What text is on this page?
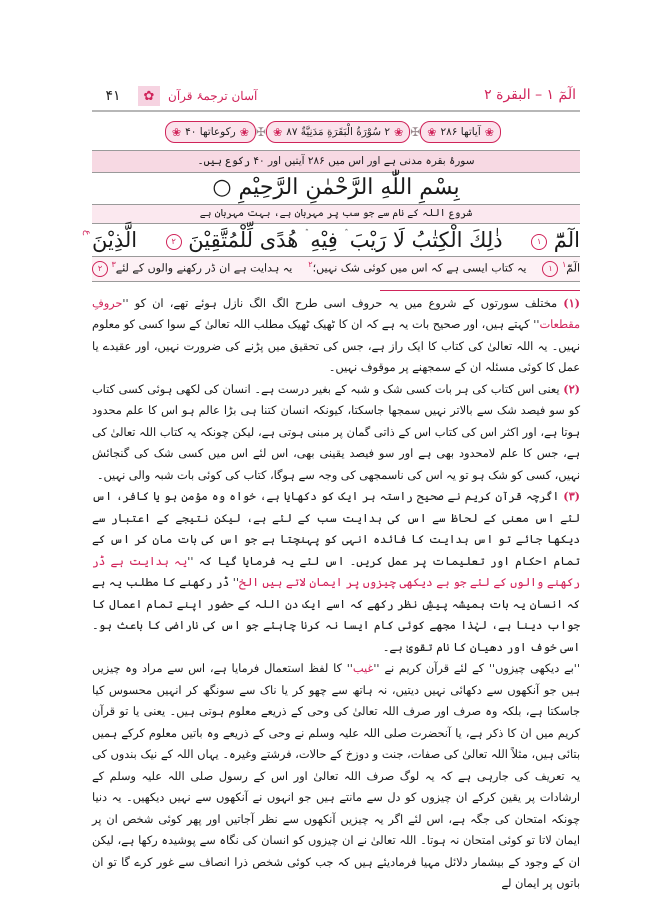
۴۱	✿	آسان ترجمۂ قرآن	الٓمٓ ۱ – البقرة ۲
❀
آیاتها ۲۸۶
❀
✠
❀
۲ سُوْرَةُ الْبَقَرَةِ مَدَنِيَّةٌ ۸۷
❀
✠
❀
رکوعاتها ۴۰
❀
سورۂ بقرہ مدنی ہے اور اس میں ۲۸۶ آیتیں اور ۴۰ رکوع ہیں۔
بِسْمِ اللّٰهِ الرَّحْمٰنِ الرَّحِيْمِ ○
شروع اللہ کے نام سے جو سب پر مہربان ہے، بہت مہربان ہے
الٓمّٓ ۱
ذٰلِكَ الْكِتٰبُ لَا رَيْبَ ۛ فِيْهِ ۛ هُدًى لِّلْمُتَّقِيْنَ ۲
الَّذِيْنَ
ع
الٓمّٓ$^۱$ ۱
یہ کتاب ایسی ہے کہ اس میں کوئی شک نہیں؛$^۲$
یہ ہدایت ہے ان ڈر رکھنے والوں کے لئے$^۳$ ۲

(۱) مختلف سورتوں کے شروع میں یہ حروف اسی طرح الگ الگ نازل ہوئے تھے، ان کو ''حروفِ مقطعات'' کہتے ہیں، اور صحیح بات یہ ہے کہ ان کا ٹھیک ٹھیک مطلب اللہ تعالیٰ کے سوا کسی کو معلوم نہیں۔ یہ اللہ تعالیٰ کی کتاب کا ایک راز ہے، جس کی تحقیق میں پڑنے کی ضرورت نہیں، اور عقیدے یا عمل کا کوئی مسئلہ ان کے سمجھنے پر موقوف نہیں۔

(۲) یعنی اس کتاب کی ہر بات کسی شک و شبہ کے بغیر درست ہے۔ انسان کی لکھی ہوئی کسی کتاب کو سو فیصد شک سے بالاتر نہیں سمجھا جاسکتا، کیونکہ انسان کتنا ہی بڑا عالم ہو اس کا علم محدود ہوتا ہے، اور اکثر اس کی کتاب اس کے ذاتی گمان پر مبنی ہوتی ہے، لیکن چونکہ یہ کتاب اللہ تعالیٰ کی ہے، جس کا علم لامحدود بھی ہے اور سو فیصد یقینی بھی، اس لئے اس میں کسی شک کی گنجائش نہیں، کسی کو شک ہو تو یہ اس کی ناسمجھی کی وجہ سے ہوگا، کتاب کی کوئی بات شبہ والی نہیں۔

(۳) اگرچہ قرآن کریم نے صحیح راستہ ہر ایک کو دکھایا ہے، خواہ وہ مؤمن ہو یا کافر، اس لئے اس معنی کے لحاظ سے اس کی ہدایت سب کے لئے ہے، لیکن نتیجے کے اعتبار سے دیکھا جائے تو اس ہدایت کا فائدہ انہی کو پہنچتا ہے جو اس کی بات مان کر اس کے تمام احکام اور تعلیمات پر عمل کریں۔ اس لئے یہ فرمایا گیا کہ ''یہ ہدایت ہے ڈر رکھنے والوں کے لئے جو بے دیکھی چیزوں پر ایمان لاتے ہیں الخ'' ڈر رکھنے کا مطلب یہ ہے کہ انسان یہ بات ہمیشہ پیشِ نظر رکھے کہ اسے ایک دن اللہ کے حضور اپنے تمام اعمال کا جواب دینا ہے، لہٰذا مجھے کوئی کام ایسا نہ کرنا چاہئے جو اس کی ناراضی کا باعث ہو۔ اسی خوف اور دھیان کا نام تقویٰ ہے۔

''بے دیکھی چیزوں'' کے لئے قرآن کریم نے ''غیب'' کا لفظ استعمال فرمایا ہے، اس سے مراد وہ چیزیں ہیں جو آنکھوں سے دکھائی نہیں دیتیں، نہ ہاتھ سے چھو کر یا ناک سے سونگھ کر انہیں محسوس کیا جاسکتا ہے، بلکہ وہ صرف اور صرف اللہ تعالیٰ کی وحی کے ذریعے معلوم ہوتی ہیں۔ یعنی یا تو قرآن کریم میں ان کا ذکر ہے، یا آنحضرت صلی اللہ علیہ وسلم نے وحی کے ذریعے وہ باتیں معلوم کرکے ہمیں بتائی ہیں، مثلاً اللہ تعالیٰ کی صفات، جنت و دوزخ کے حالات، فرشتے وغیرہ۔ یہاں اللہ کے نیک بندوں کی یہ تعریف کی جارہی ہے کہ یہ لوگ صرف اللہ تعالیٰ اور اس کے رسول صلی اللہ علیہ وسلم کے ارشادات پر یقین کرکے ان چیزوں کو دل سے مانتے ہیں جو انہوں نے آنکھوں سے نہیں دیکھیں۔ یہ دنیا چونکہ امتحان کی جگہ ہے، اس لئے اگر یہ چیزیں آنکھوں سے نظر آجاتیں اور پھر کوئی شخص ان پر ایمان لاتا تو کوئی امتحان نہ ہوتا۔ اللہ تعالیٰ نے ان چیزوں کو انسان کی نگاہ سے پوشیدہ رکھا ہے، لیکن ان کے وجود کے بیشمار دلائل مہیا فرمادیئے ہیں کہ جب کوئی شخص ذرا انصاف سے غور کرے گا تو ان باتوں پر ایمان لے
